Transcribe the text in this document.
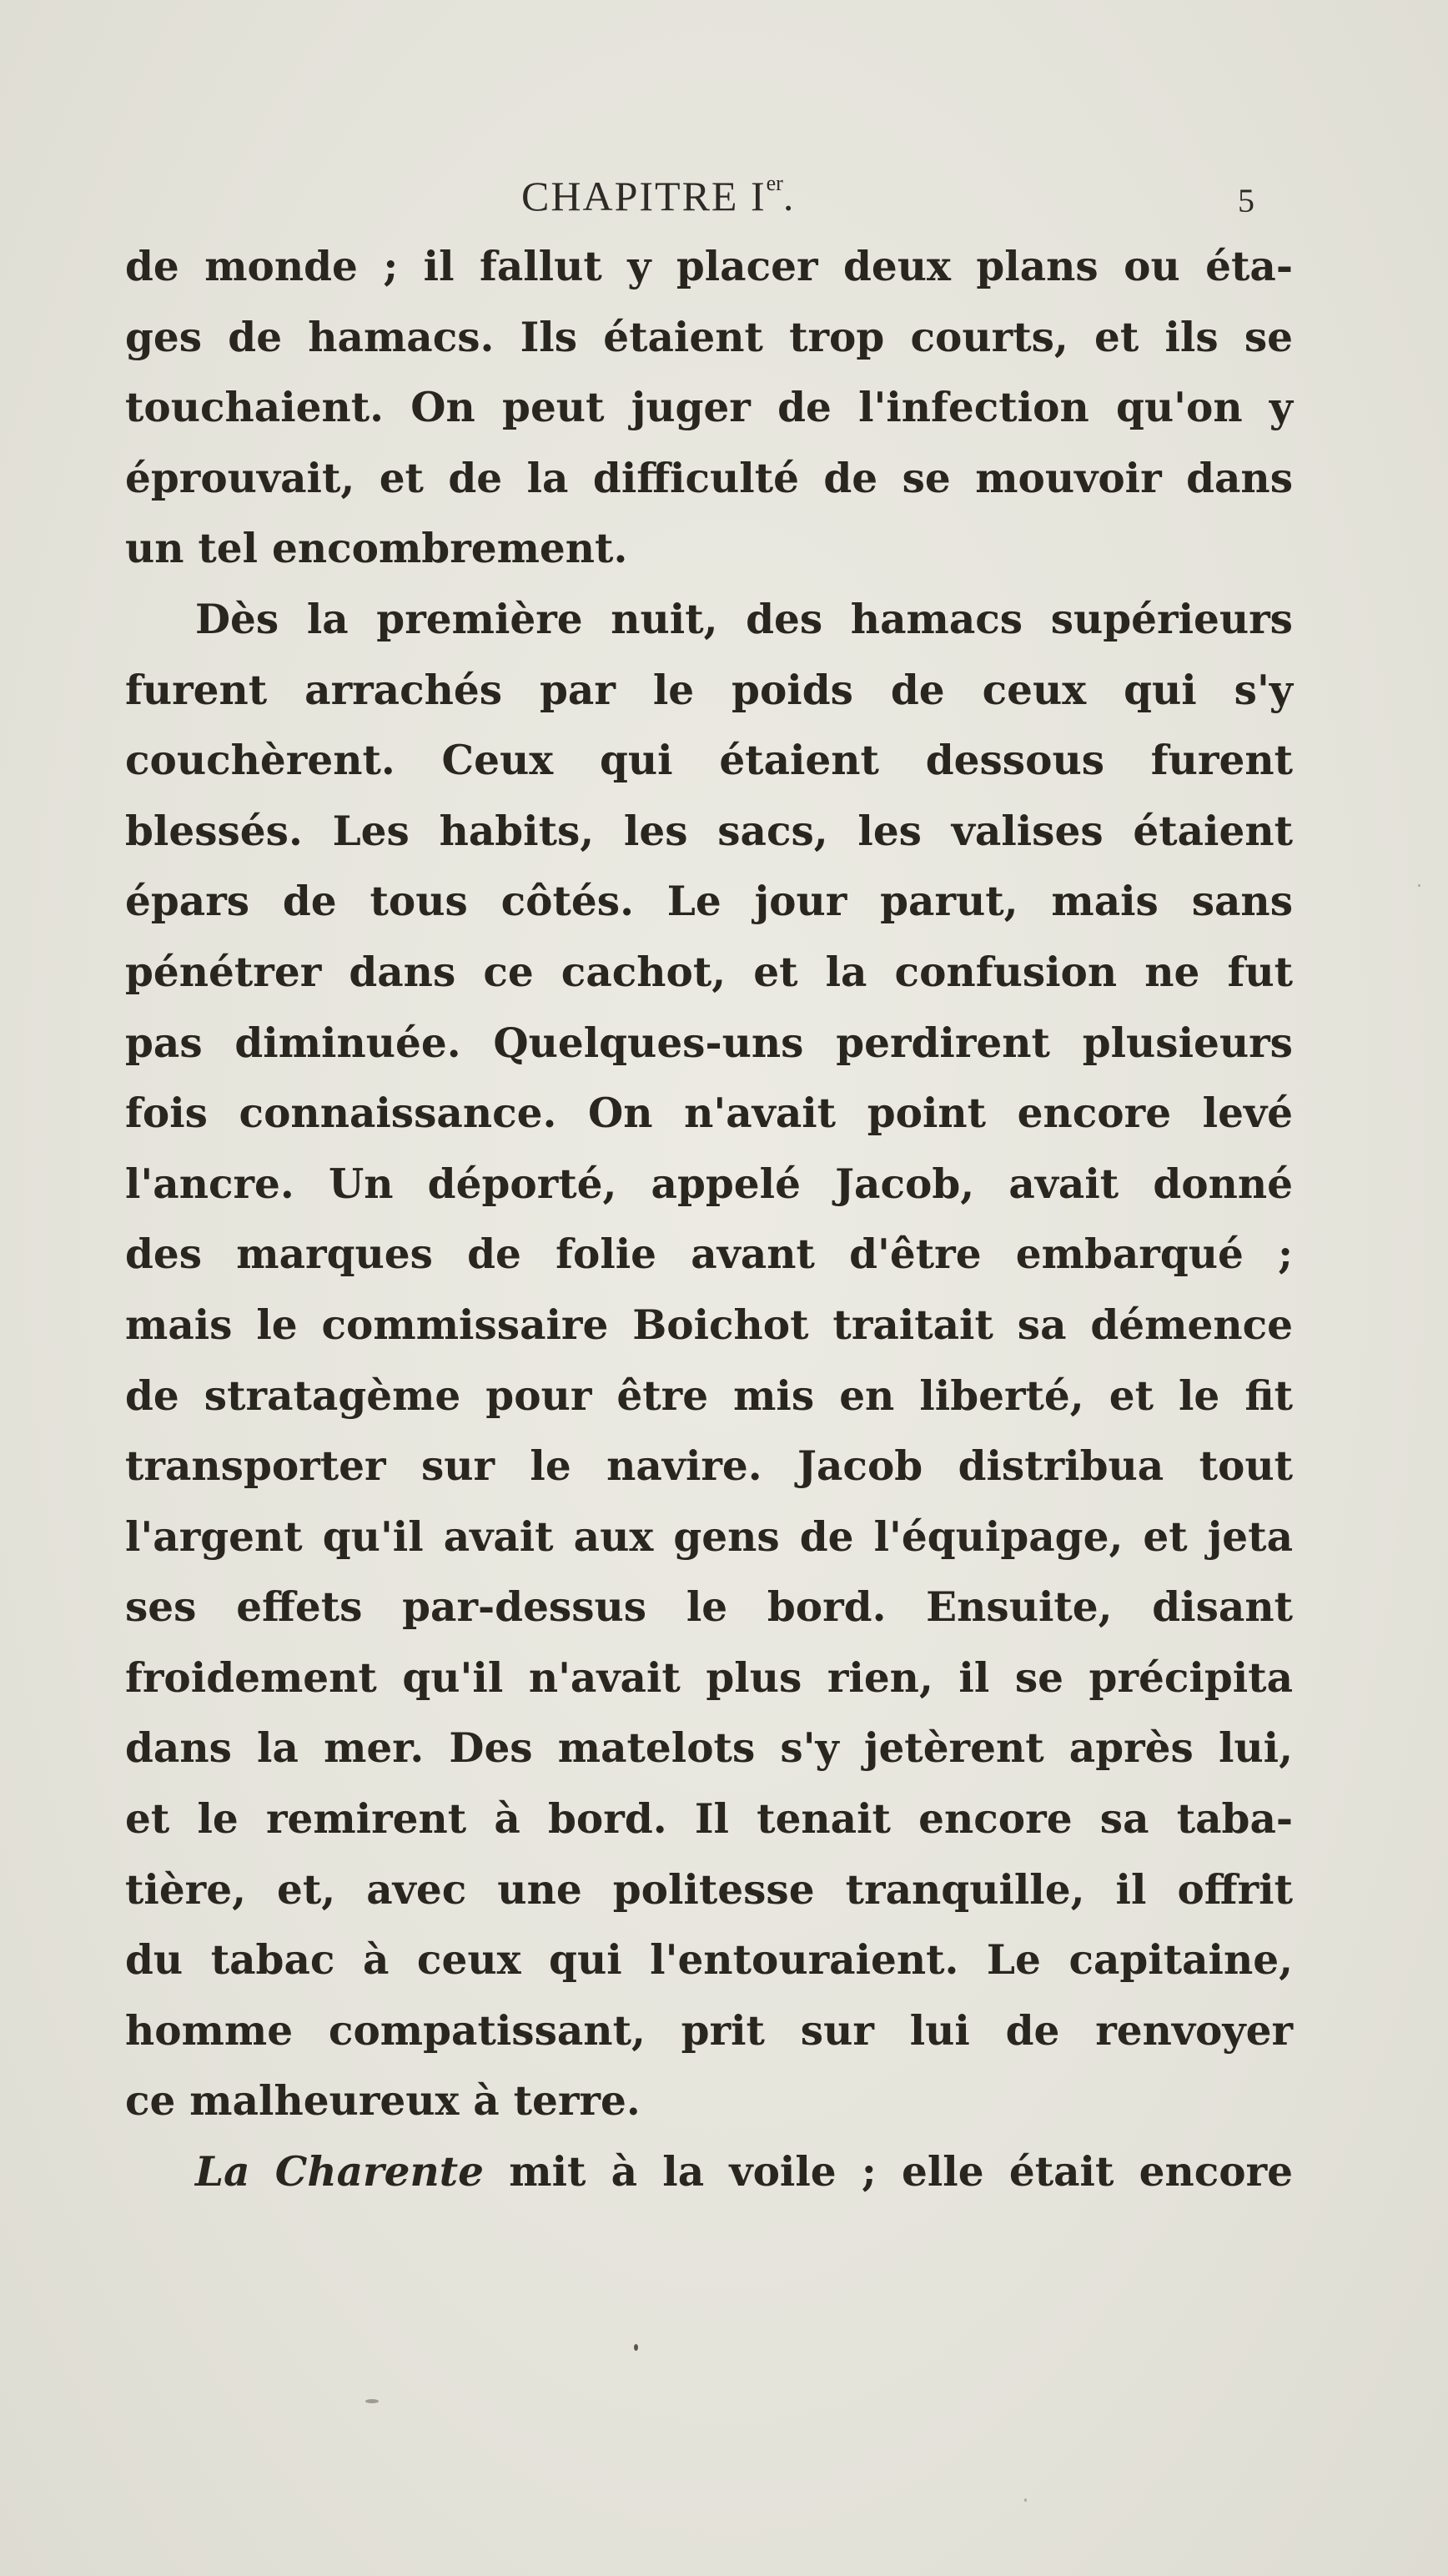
CHAPITRE Ier.	5
de monde ; il fallut y placer deux plans ou éta-
ges de hamacs. Ils étaient trop courts, et ils se
touchaient. On peut juger de l'infection qu'on y
éprouvait, et de la difficulté de se mouvoir dans
un tel encombrement.
Dès la première nuit, des hamacs supérieurs
furent arrachés par le poids de ceux qui s'y
couchèrent. Ceux qui étaient dessous furent
blessés. Les habits, les sacs, les valises étaient
épars de tous côtés. Le jour parut, mais sans
pénétrer dans ce cachot, et la confusion ne fut
pas diminuée. Quelques-uns perdirent plusieurs
fois connaissance. On n'avait point encore levé
l'ancre. Un déporté, appelé Jacob, avait donné
des marques de folie avant d'être embarqué ;
mais le commissaire Boichot traitait sa démence
de stratagème pour être mis en liberté, et le fit
transporter sur le navire. Jacob distribua tout
l'argent qu'il avait aux gens de l'équipage, et jeta
ses effets par-dessus le bord. Ensuite, disant
froidement qu'il n'avait plus rien, il se précipita
dans la mer. Des matelots s'y jetèrent après lui,
et le remirent à bord. Il tenait encore sa taba-
tière, et, avec une politesse tranquille, il offrit
du tabac à ceux qui l'entouraient. Le capitaine,
homme compatissant, prit sur lui de renvoyer
ce malheureux à terre.
La Charente mit à la voile ; elle était encore
